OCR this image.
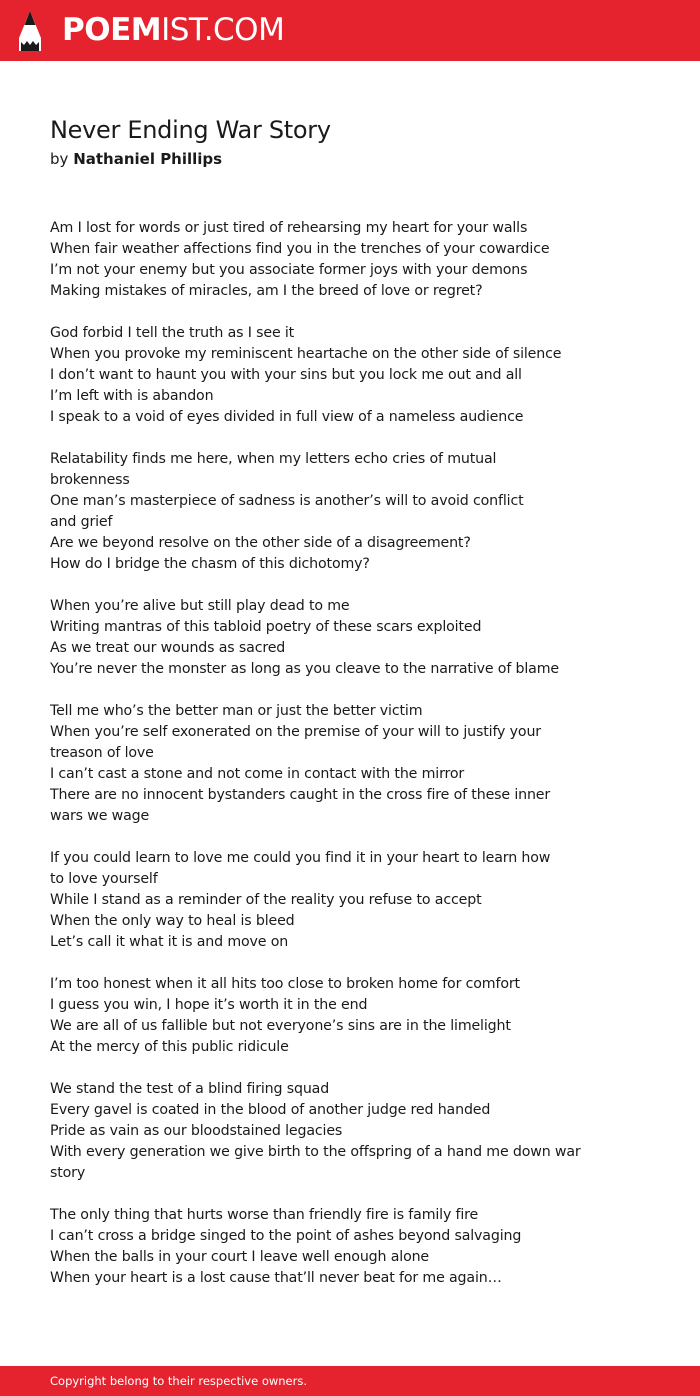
POEMIST.COM
Never Ending War Story
by Nathaniel Phillips
Am I lost for words or just tired of rehearsing my heart for your walls
When fair weather affections find you in the trenches of your cowardice
I’m not your enemy but you associate former joys with your demons
Making mistakes of miracles, am I the breed of love or regret?
God forbid I tell the truth as I see it
When you provoke my reminiscent heartache on the other side of silence
I don’t want to haunt you with your sins but you lock me out and all
I’m left with is abandon
I speak to a void of eyes divided in full view of a nameless audience
Relatability finds me here, when my letters echo cries of mutual
brokenness
One man’s masterpiece of sadness is another’s will to avoid conflict
and grief
Are we beyond resolve on the other side of a disagreement?
How do I bridge the chasm of this dichotomy?
When you’re alive but still play dead to me
Writing mantras of this tabloid poetry of these scars exploited
As we treat our wounds as sacred
You’re never the monster as long as you cleave to the narrative of blame
Tell me who’s the better man or just the better victim
When you’re self exonerated on the premise of your will to justify your
treason of love
I can’t cast a stone and not come in contact with the mirror
There are no innocent bystanders caught in the cross fire of these inner
wars we wage
If you could learn to love me could you find it in your heart to learn how
to love yourself
While I stand as a reminder of the reality you refuse to accept
When the only way to heal is bleed
Let’s call it what it is and move on
I’m too honest when it all hits too close to broken home for comfort
I guess you win, I hope it’s worth it in the end
We are all of us fallible but not everyone’s sins are in the limelight
At the mercy of this public ridicule
We stand the test of a blind firing squad
Every gavel is coated in the blood of another judge red handed
Pride as vain as our bloodstained legacies
With every generation we give birth to the offspring of a hand me down war
story
The only thing that hurts worse than friendly fire is family fire
I can’t cross a bridge singed to the point of ashes beyond salvaging
When the balls in your court I leave well enough alone
When your heart is a lost cause that’ll never beat for me again…
Copyright belong to their respective owners.
